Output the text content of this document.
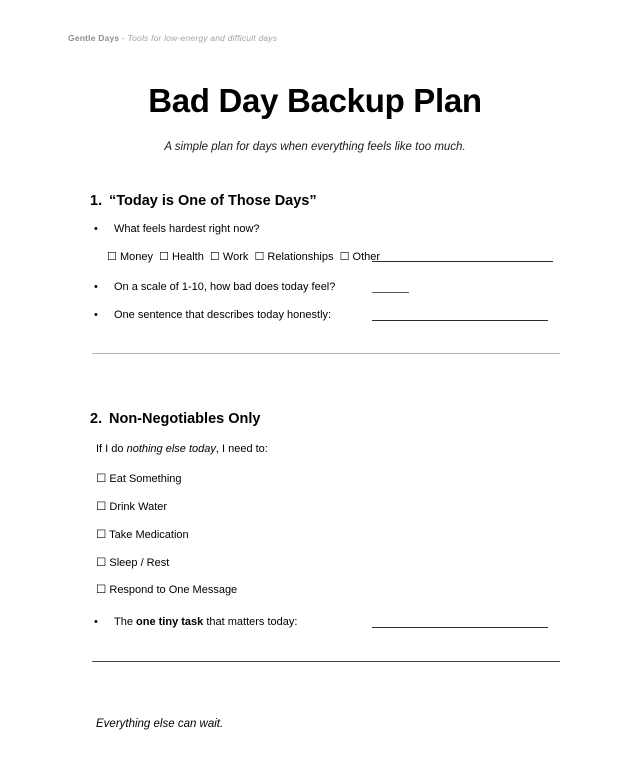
Gentle Days - Tools for low-energy and difficult days
Bad Day Backup Plan
A simple plan for days when everything feels like too much.
1. “Today is One of Those Days”
• What feels hardest right now?
☐ Money ☐ Health ☐ Work ☐ Relationships ☐ Other
• On a scale of 1-10, how bad does today feel?
• One sentence that describes today honestly:
2. Non-Negotiables Only
If I do nothing else today, I need to:
☐ Eat Something
☐ Drink Water
☐ Take Medication
☐ Sleep / Rest
☐ Respond to One Message
• The one tiny task that matters today:
Everything else can wait.
